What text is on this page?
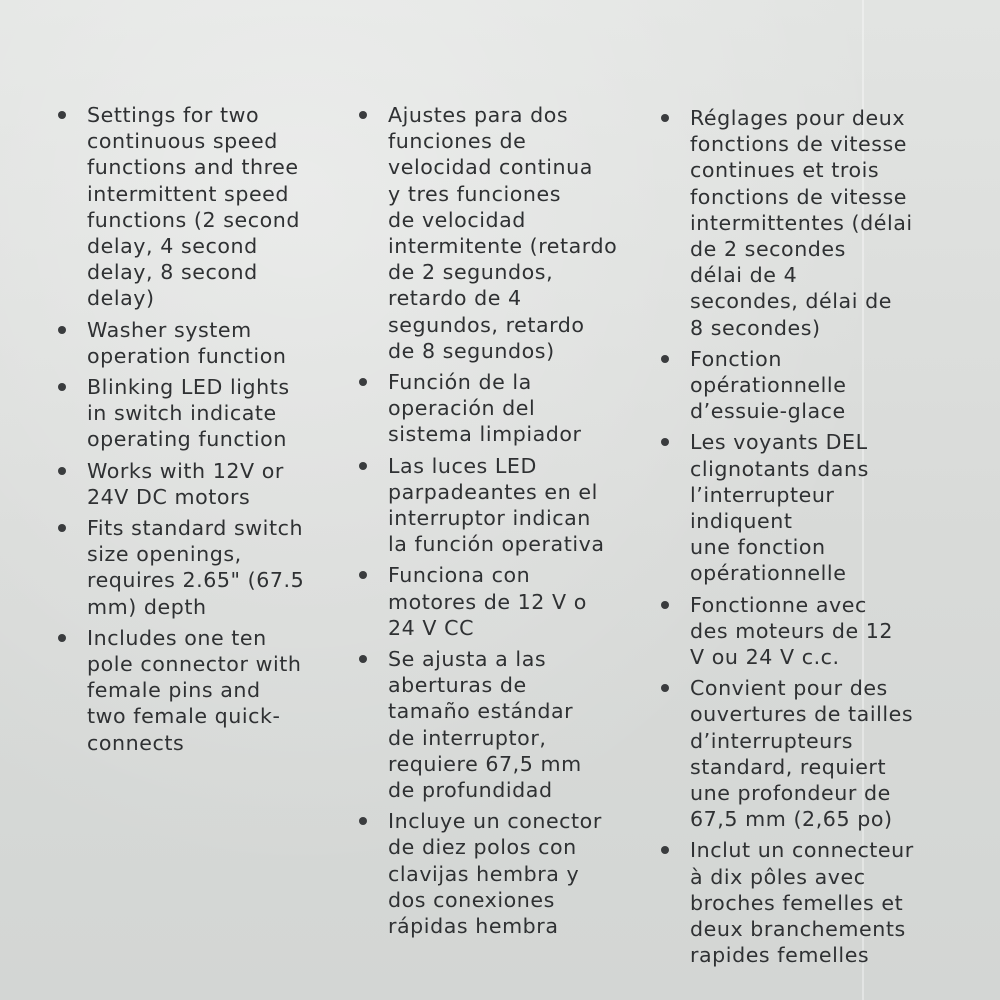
Settings for two
continuous speed
functions and three
intermittent speed
functions (2 second
delay, 4 second
delay, 8 second
delay)
Washer system
operation function
Blinking LED lights
in switch indicate
operating function
Works with 12V or
24V DC motors
Fits standard switch
size openings,
requires 2.65" (67.5
mm) depth
Includes one ten
pole connector with
female pins and
two female quick-
connects
Ajustes para dos
funciones de
velocidad continua
y tres funciones
de velocidad
intermitente (retardo
de 2 segundos,
retardo de 4
segundos, retardo
de 8 segundos)
Función de la
operación del
sistema limpiador
Las luces LED
parpadeantes en el
interruptor indican
la función operativa
Funciona con
motores de 12 V o
24 V CC
Se ajusta a las
aberturas de
tamaño estándar
de interruptor,
requiere 67,5 mm
de profundidad
Incluye un conector
de diez polos con
clavijas hembra y
dos conexiones
rápidas hembra
Réglages pour deux
fonctions de vitesse
continues et trois
fonctions de vitesse
intermittentes (délai
de 2 secondes
délai de 4
secondes, délai de
8 secondes)
Fonction
opérationnelle
d’essuie-glace
Les voyants DEL
clignotants dans
l’interrupteur
indiquent
une fonction
opérationnelle
Fonctionne avec
des moteurs de 12
V ou 24 V c.c.
Convient pour des
ouvertures de tailles
d’interrupteurs
standard, requiert
une profondeur de
67,5 mm (2,65 po)
Inclut un connecteur
à dix pôles avec
broches femelles et
deux branchements
rapides femelles
